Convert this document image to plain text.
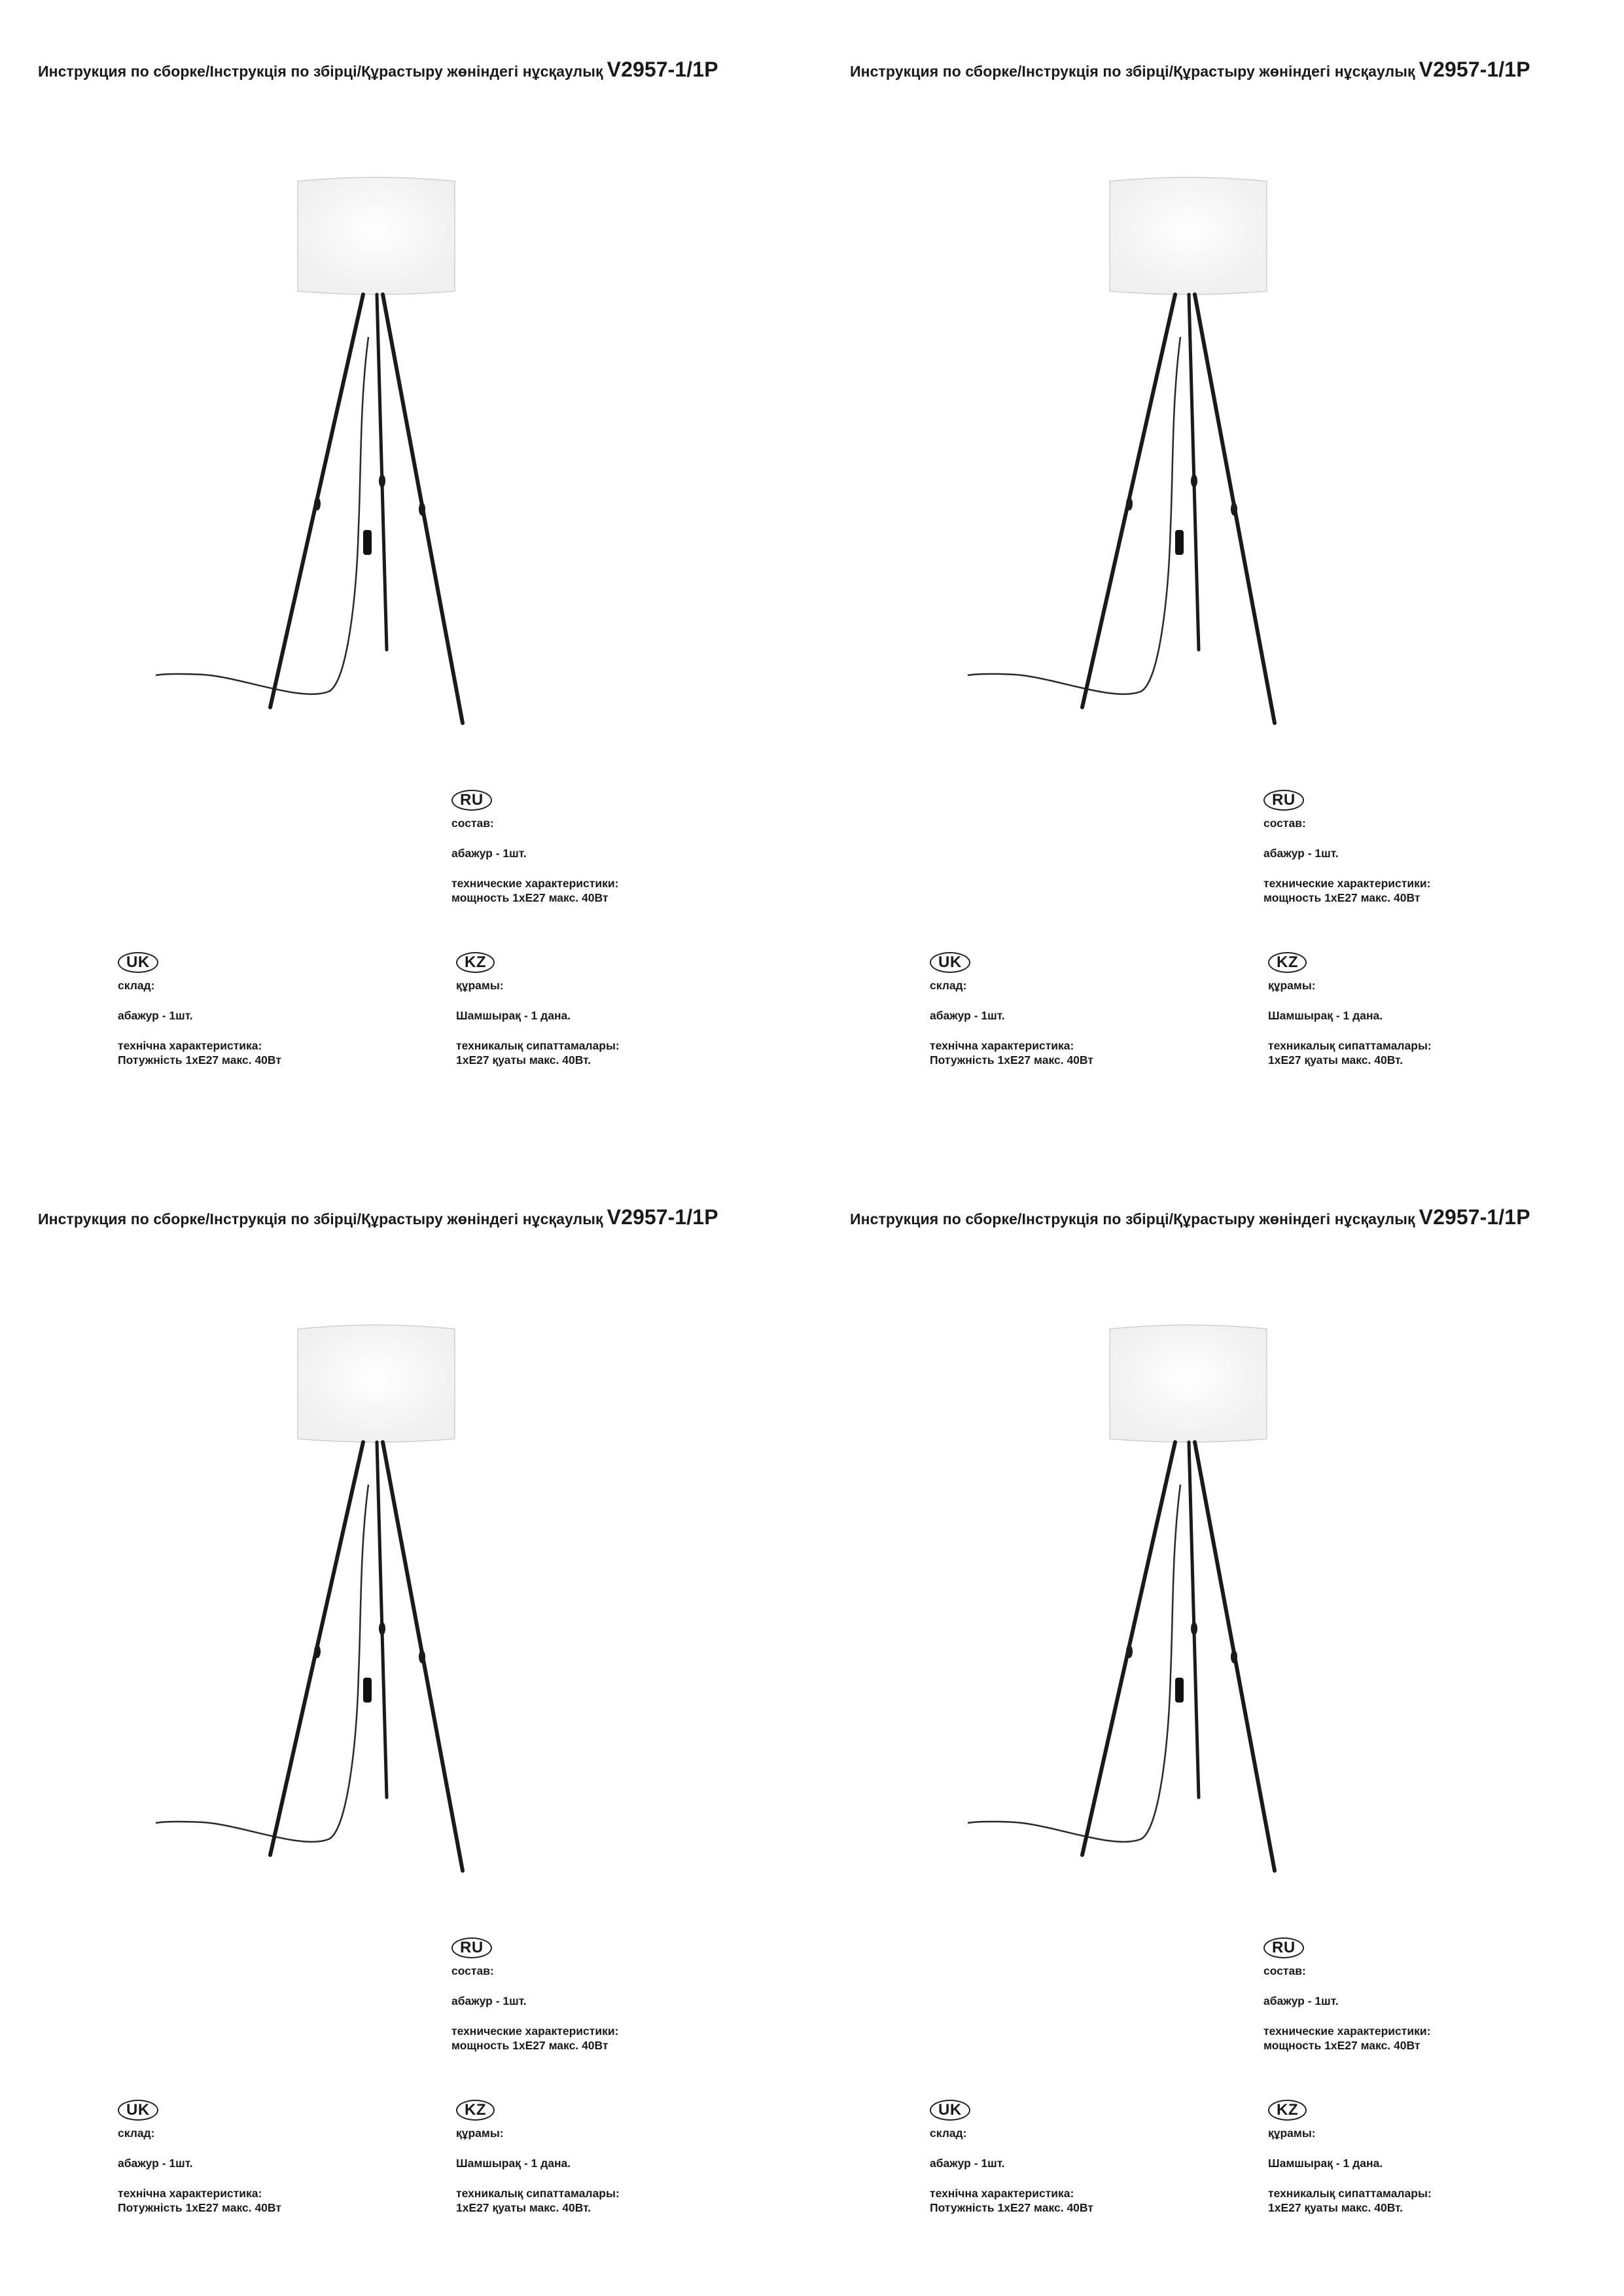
Инструкция по сборке/Інструкція по збірці/Құрастыру жөніндегі нұсқаулық V2957-1/1P
RU

состав:

абажур - 1шт.

технические характеристики:

мощность 1xE27 макс. 40Вт

UK

склад:

абажур - 1шт.

технічна характеристика:

Потужність 1xE27 макс. 40Вт

KZ

құрамы:

Шамшырақ - 1 дана.

техникалық сипаттамалары:

1xE27 қуаты макс. 40Вт.

Инструкция по сборке/Інструкція по збірці/Құрастыру жөніндегі нұсқаулық V2957-1/1P
RU

состав:

абажур - 1шт.

технические характеристики:

мощность 1xE27 макс. 40Вт

UK

склад:

абажур - 1шт.

технічна характеристика:

Потужність 1xE27 макс. 40Вт

KZ

құрамы:

Шамшырақ - 1 дана.

техникалық сипаттамалары:

1xE27 қуаты макс. 40Вт.

Инструкция по сборке/Інструкція по збірці/Құрастыру жөніндегі нұсқаулық V2957-1/1P
RU

состав:

абажур - 1шт.

технические характеристики:

мощность 1xE27 макс. 40Вт

UK

склад:

абажур - 1шт.

технічна характеристика:

Потужність 1xE27 макс. 40Вт

KZ

құрамы:

Шамшырақ - 1 дана.

техникалық сипаттамалары:

1xE27 қуаты макс. 40Вт.

Инструкция по сборке/Інструкція по збірці/Құрастыру жөніндегі нұсқаулық V2957-1/1P
RU

состав:

абажур - 1шт.

технические характеристики:

мощность 1xE27 макс. 40Вт

UK

склад:

абажур - 1шт.

технічна характеристика:

Потужність 1xE27 макс. 40Вт

KZ

құрамы:

Шамшырақ - 1 дана.

техникалық сипаттамалары:

1xE27 қуаты макс. 40Вт.
